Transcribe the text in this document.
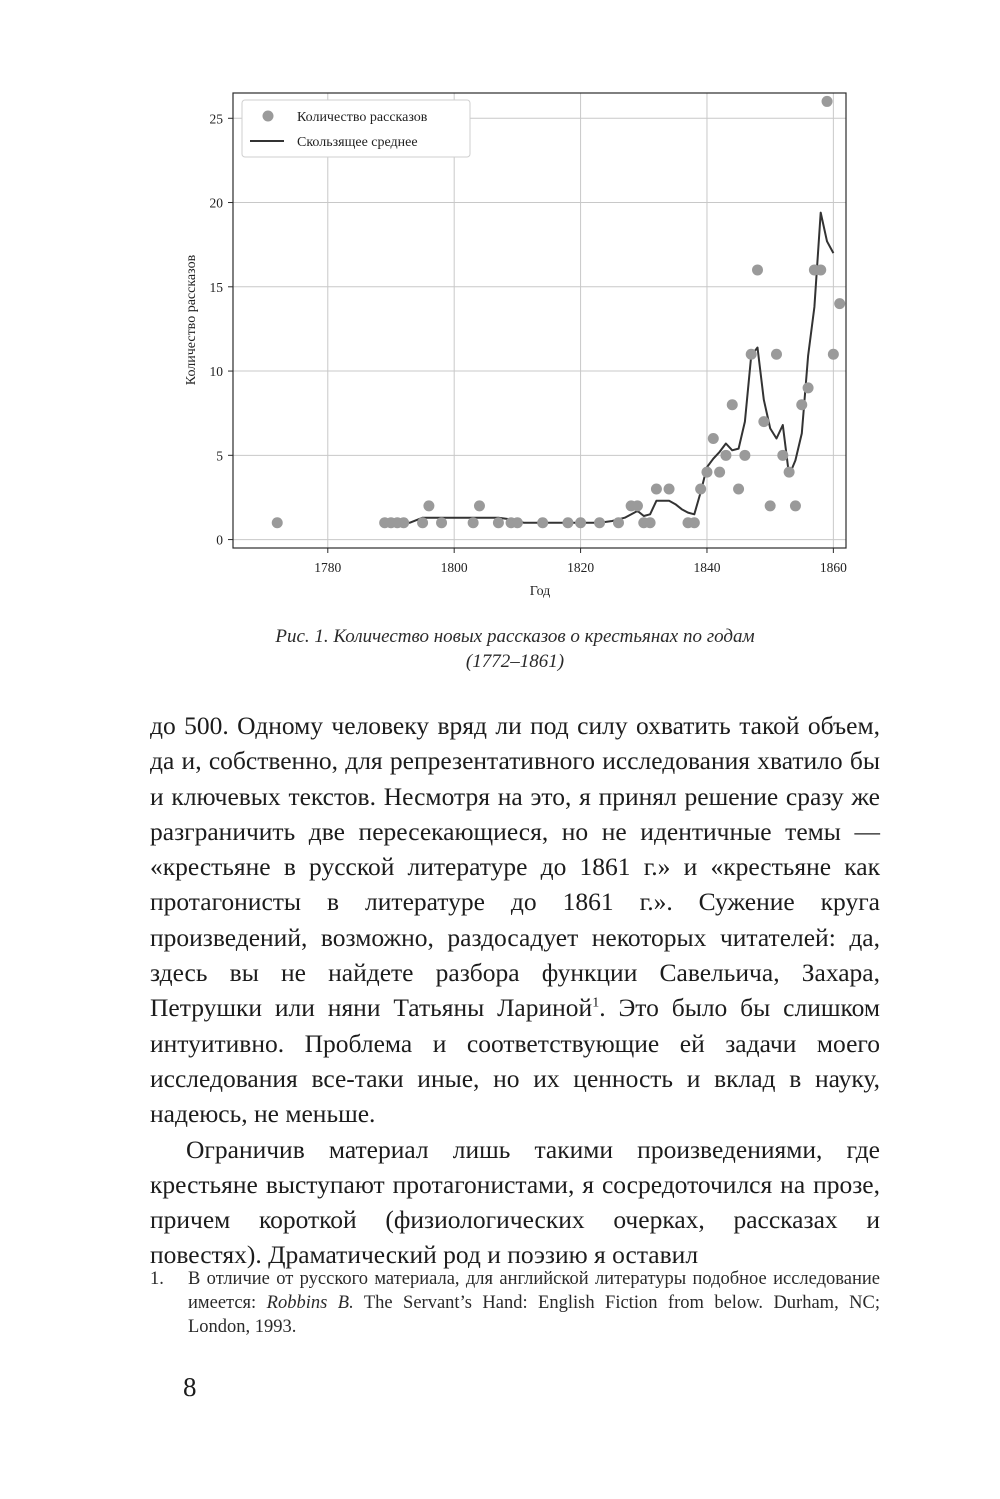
1780	1800	1820	1840	1860
0
5
10
15
20
25
Год
Количество рассказов
Количество рассказов
Скользящее среднее
Рис. 1. Количество новых рассказов о крестьянах по годам
(1772–1861)

до 500. Одному человеку вряд ли под силу охватить такой объем, да и, собственно, для репрезентативного исследования хватило бы и ключевых текстов. Несмотря на это, я принял решение сразу же разграничить две пересекающиеся, но не идентичные темы — «крестьяне в русской литературе до 1861 г.» и «крестьяне как протагонисты в литературе до 1861 г.». Сужение круга произведений, возможно, раздосадует некоторых читателей: да, здесь вы не найдете разбора функции Савельича, Захара, Петрушки или няни Татьяны Лариной$^1$. Это было бы слишком интуитивно. Проблема и соответствующие ей задачи моего исследования все-таки иные, но их ценность и вклад в науку, надеюсь, не меньше.

Ограничив материал лишь такими произведениями, где крестьяне выступают протагонистами, я сосредоточился на прозе, причем короткой (физиологических очерках, рассказах и повестях). Драматический род и поэзию я оставил

1. В отличие от русского материала, для английской литературы подобное исследование имеется: Robbins B. The Servant’s Hand: English Fiction from below. Durham, NC; London, 1993.
8
